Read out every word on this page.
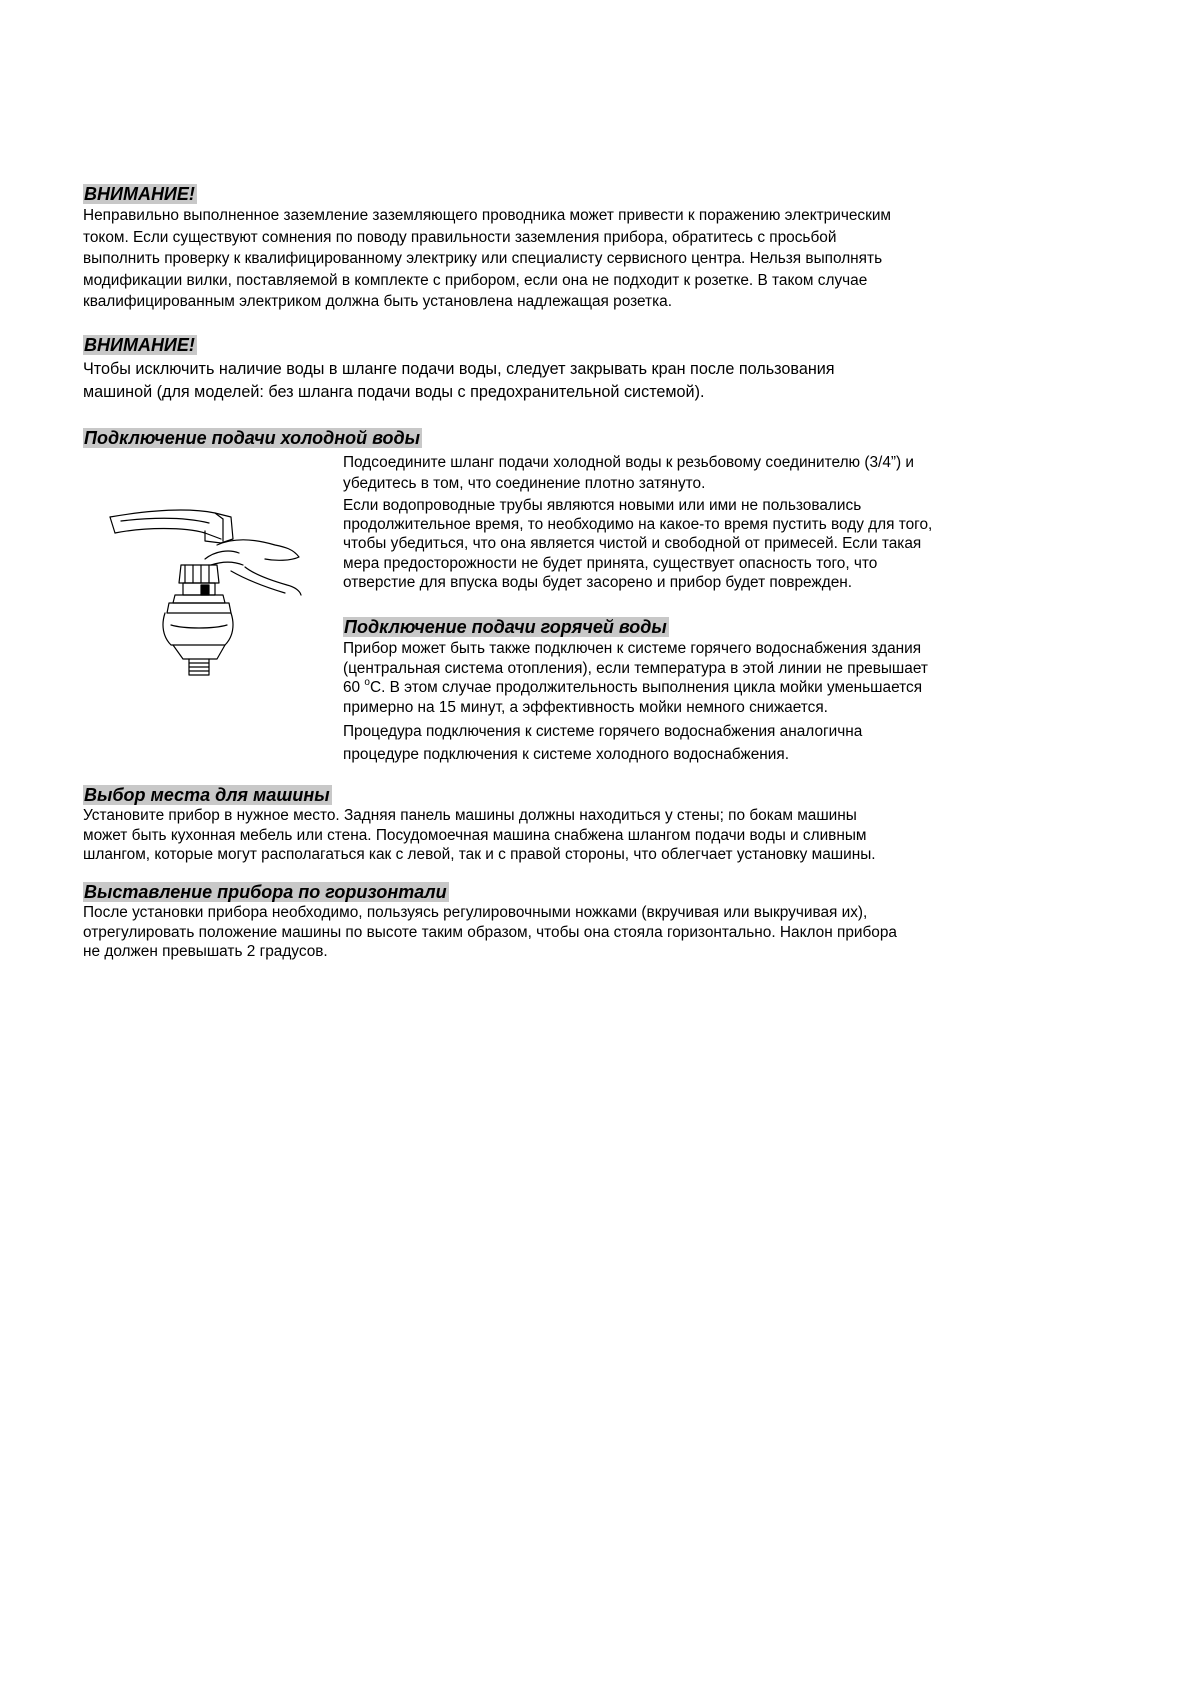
ВНИМАНИЕ!

Неправильно выполненное заземление заземляющего проводника может привести к поражению электрическим
током. Если существуют сомнения по поводу правильности заземления прибора, обратитесь с просьбой
выполнить проверку к квалифицированному электрику или специалисту сервисного центра. Нельзя выполнять
модификации вилки, поставляемой в комплекте с прибором, если она не подходит к розетке. В таком случае
квалифицированным электриком должна быть установлена надлежащая розетка.

ВНИМАНИЕ!

Чтобы исключить наличие воды в шланге подачи воды, следует закрывать кран после пользования
машиной (для моделей: без шланга подачи воды с предохранительной системой).

Подключение подачи холодной воды

Подсоедините шланг подачи холодной воды к резьбовому соединителю (3/4”) и
убедитесь в том, что соединение плотно затянуто.

Если водопроводные трубы являются новыми или ими не пользовались
продолжительное время, то необходимо на какое-то время пустить воду для того,
чтобы убедиться, что она является чистой и свободной от примесей. Если такая
мера предосторожности не будет принята, существует опасность того, что
отверстие для впуска воды будет засорено и прибор будет поврежден.

Подключение подачи горячей воды

Прибор может быть также подключен к системе горячего водоснабжения здания
(центральная система отопления), если температура в этой линии не превышает
60 $^o$C. В этом случае продолжительность выполнения цикла мойки уменьшается
примерно на 15 минут, а эффективность мойки немного снижается.

Процедура подключения к системе горячего водоснабжения аналогична
процедуре подключения к системе холодного водоснабжения.

Выбор места для машины

Установите прибор в нужное место. Задняя панель машины должны находиться у стены; по бокам машины
может быть кухонная мебель или стена. Посудомоечная машина снабжена шлангом подачи воды и сливным
шлангом, которые могут располагаться как с левой, так и с правой стороны, что облегчает установку машины.

Выставление прибора по горизонтали

После установки прибора необходимо, пользуясь регулировочными ножками (вкручивая или выкручивая их),
отрегулировать положение машины по высоте таким образом, чтобы она стояла горизонтально. Наклон прибора
не должен превышать 2 градусов.
